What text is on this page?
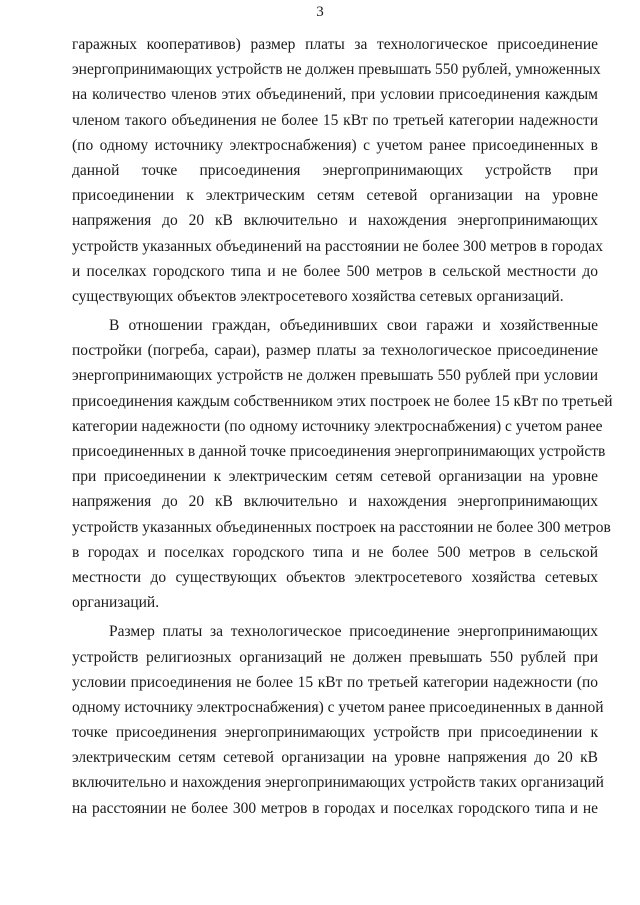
3
гаражных кооперативов) размер платы за технологическое присоединение
энергопринимающих устройств не должен превышать 550 рублей, умноженных
на количество членов этих объединений, при условии присоединения каждым
членом такого объединения не более 15 кВт по третьей категории надежности
(по одному источнику электроснабжения) с учетом ранее присоединенных в
данной точке присоединения энергопринимающих устройств при
присоединении к электрическим сетям сетевой организации на уровне
напряжения до 20 кВ включительно и нахождения энергопринимающих
устройств указанных объединений на расстоянии не более 300 метров в городах
и поселках городского типа и не более 500 метров в сельской местности до
существующих объектов электросетевого хозяйства сетевых организаций.
В отношении граждан, объединивших свои гаражи и хозяйственные
постройки (погреба, сараи), размер платы за технологическое присоединение
энергопринимающих устройств не должен превышать 550 рублей при условии
присоединения каждым собственником этих построек не более 15 кВт по третьей
категории надежности (по одному источнику электроснабжения) с учетом ранее
присоединенных в данной точке присоединения энергопринимающих устройств
при присоединении к электрическим сетям сетевой организации на уровне
напряжения до 20 кВ включительно и нахождения энергопринимающих
устройств указанных объединенных построек на расстоянии не более 300 метров
в городах и поселках городского типа и не более 500 метров в сельской
местности до существующих объектов электросетевого хозяйства сетевых
организаций.
Размер платы за технологическое присоединение энергопринимающих
устройств религиозных организаций не должен превышать 550 рублей при
условии присоединения не более 15 кВт по третьей категории надежности (по
одному источнику электроснабжения) с учетом ранее присоединенных в данной
точке присоединения энергопринимающих устройств при присоединении к
электрическим сетям сетевой организации на уровне напряжения до 20 кВ
включительно и нахождения энергопринимающих устройств таких организаций
на расстоянии не более 300 метров в городах и поселках городского типа и не
